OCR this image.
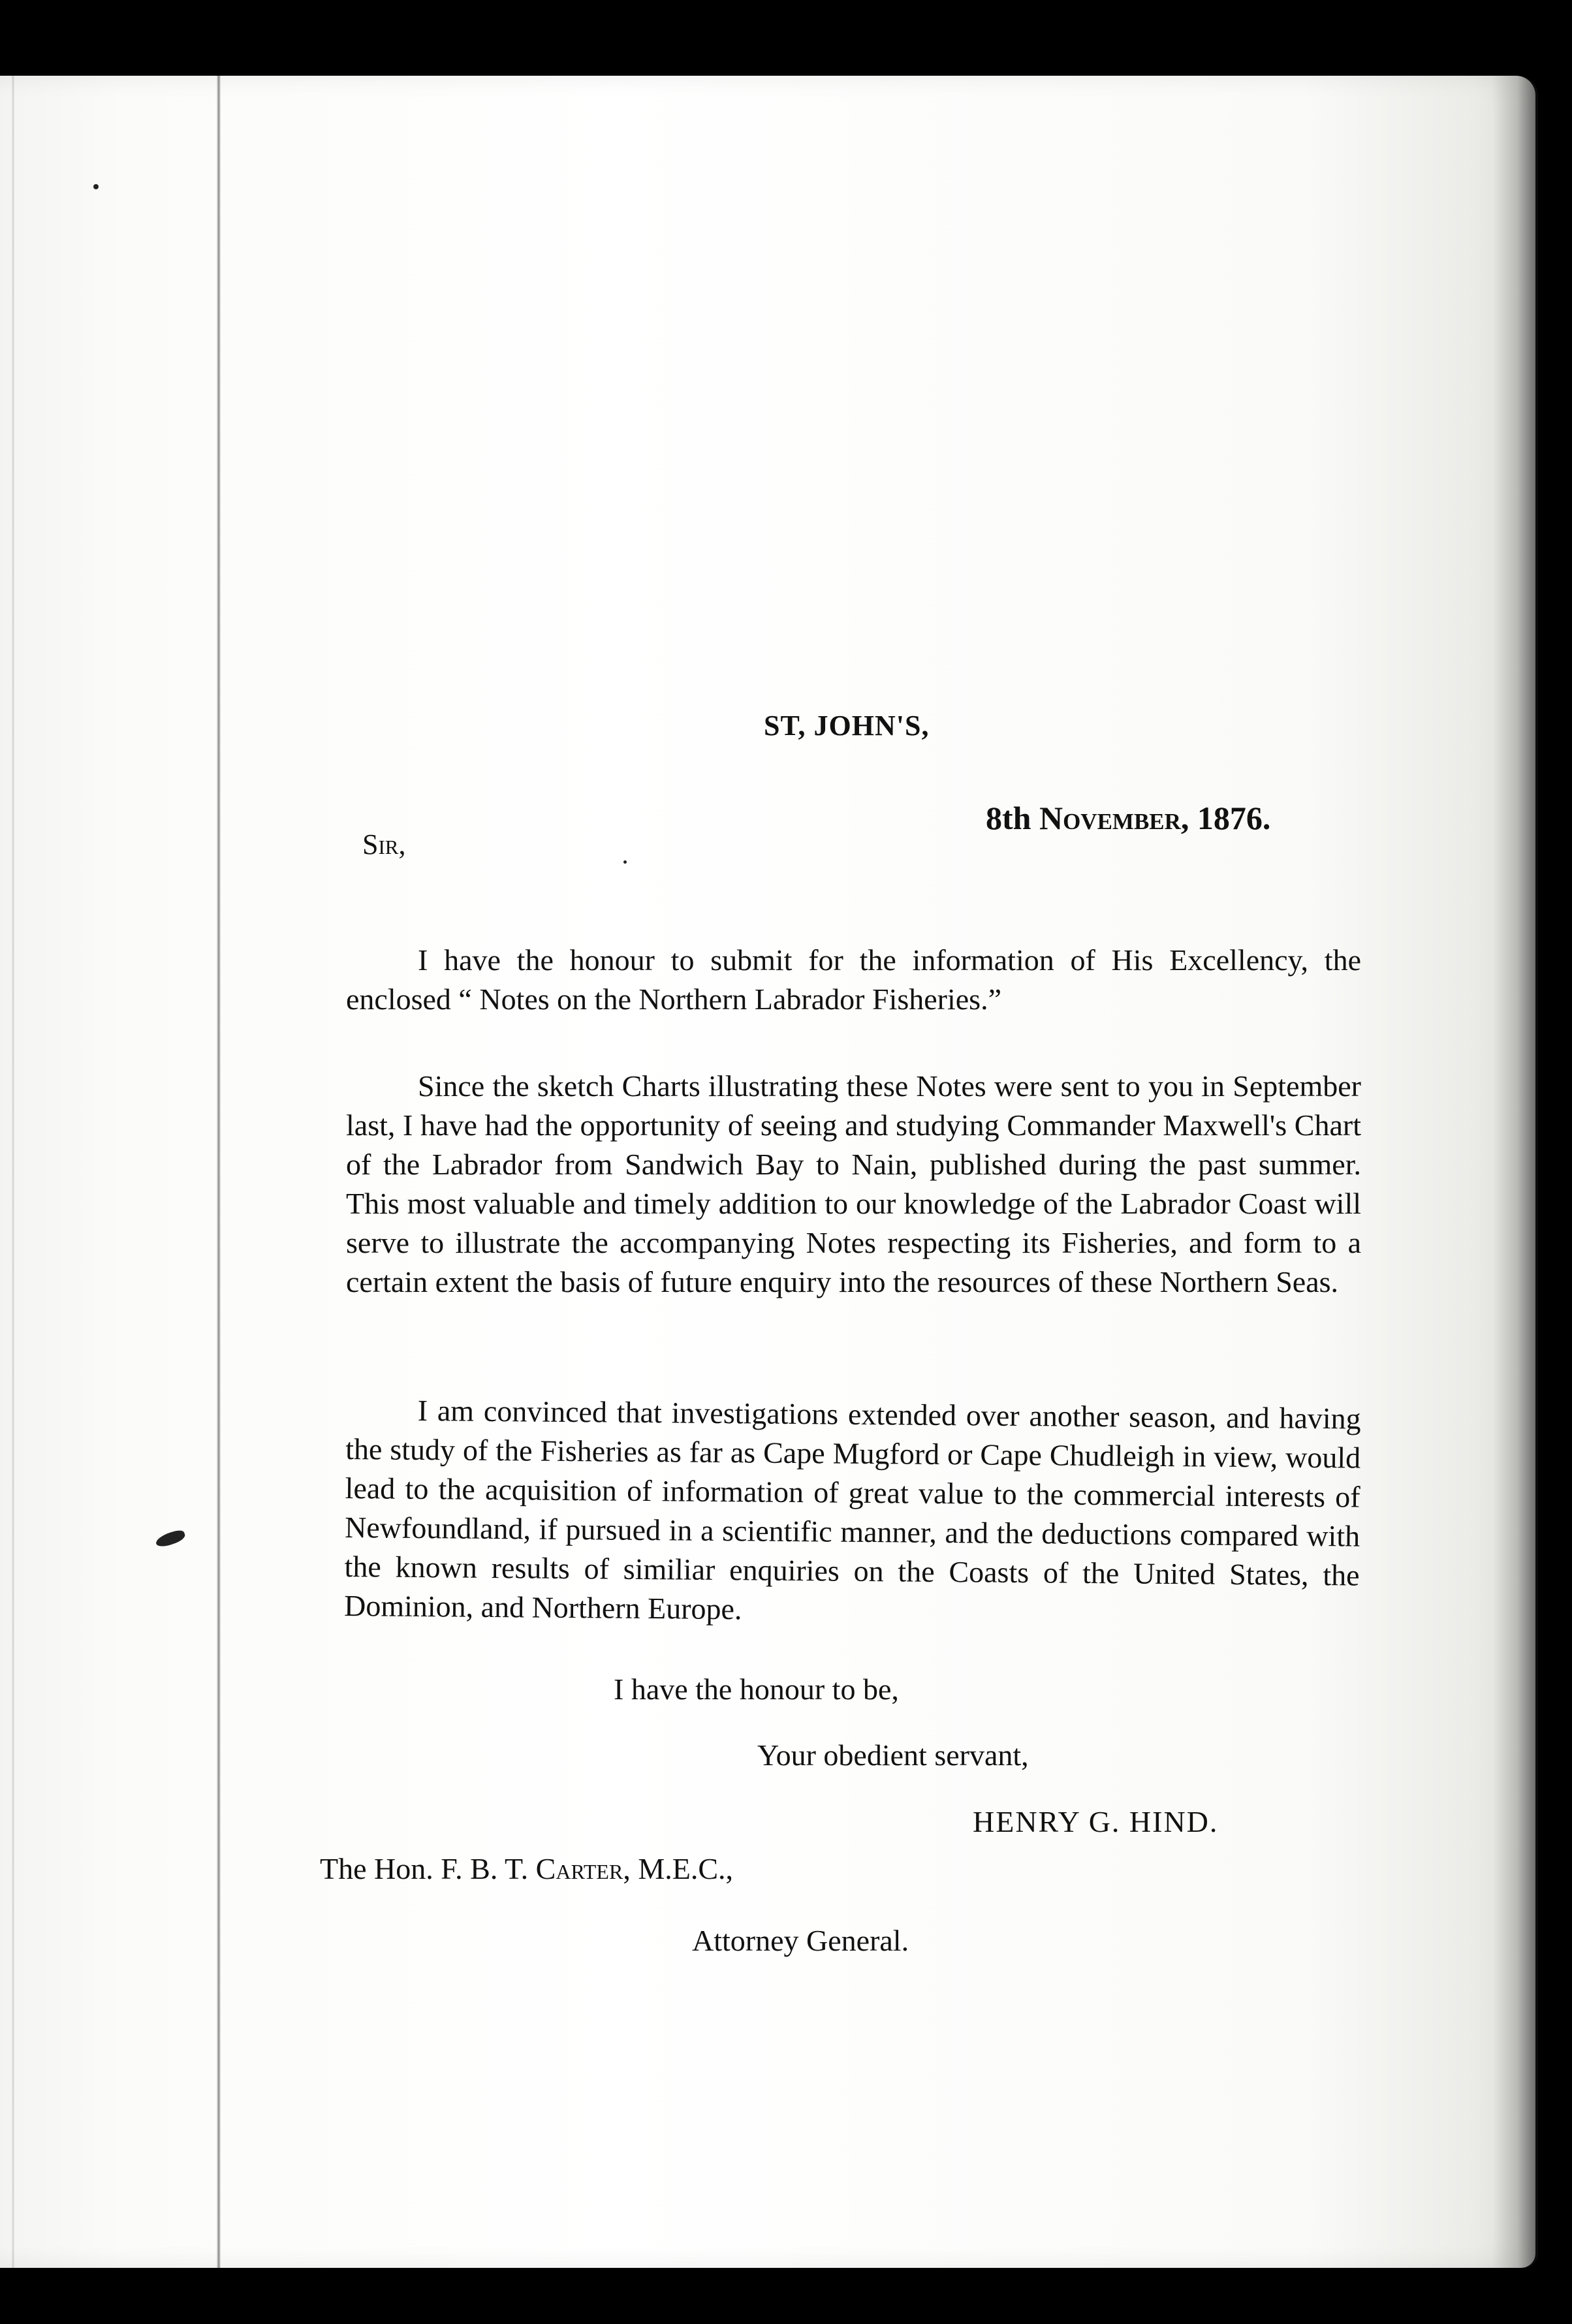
ST, JOHN'S,
8th November, 1876.
Sir,

I have the honour to submit for the information of His Excellency, the enclosed “ Notes on the Northern Labrador Fisheries.”

Since the sketch Charts illustrating these Notes were sent to you in September last, I have had the opportunity of seeing and studying Commander Maxwell's Chart of the Labrador from Sandwich Bay to Nain, published during the past summer. This most valuable and timely addition to our knowledge of the Labrador Coast will serve to illustrate the accompanying Notes respecting its Fisheries, and form to a certain extent the basis of future enquiry into the resources of these Northern Seas.

I am convinced that investigations extended over another season, and having the study of the Fisheries as far as Cape Mugford or Cape Chudleigh in view, would lead to the acquisition of information of great value to the commercial interests of Newfoundland, if pursued in a scientific manner, and the deductions compared with the known results of similiar enquiries on the Coasts of the United States, the Dominion, and Northern Europe.

I have the honour to be,
Your obedient servant,
HENRY G. HIND.
The Hon. F. B. T. Carter, M.E.C.,
Attorney General.
